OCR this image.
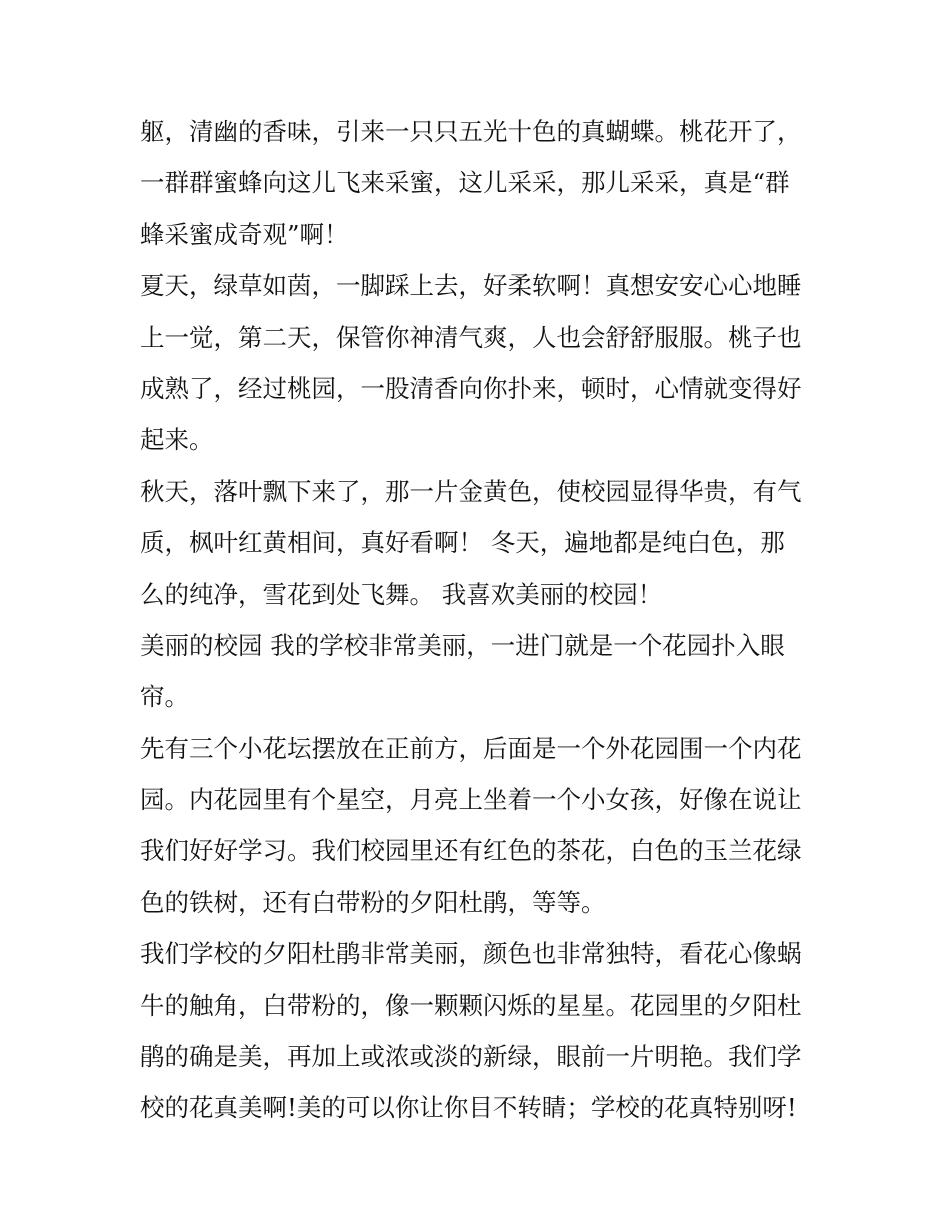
躯，清幽的香味，引来一只只五光十色的真蝴蝶。桃花开了，
一群群蜜蜂向这儿飞来采蜜，这儿采采，那儿采采，真是“群
蜂采蜜成奇观”啊！
夏天，绿草如茵，一脚踩上去，好柔软啊！真想安安心心地睡
上一觉，第二天，保管你神清气爽，人也会舒舒服服。桃子也
成熟了，经过桃园，一股清香向你扑来，顿时，心情就变得好
起来。
秋天，落叶飘下来了，那一片金黄色，使校园显得华贵，有气
质，枫叶红黄相间，真好看啊！ 冬天，遍地都是纯白色，那
么的纯净，雪花到处飞舞。 我喜欢美丽的校园！
美丽的校园 我的学校非常美丽，一进门就是一个花园扑入眼
帘。
先有三个小花坛摆放在正前方，后面是一个外花园围一个内花
园。内花园里有个星空，月亮上坐着一个小女孩，好像在说让
我们好好学习。我们校园里还有红色的茶花，白色的玉兰花绿
色的铁树，还有白带粉的夕阳杜鹃，等等。
我们学校的夕阳杜鹃非常美丽，颜色也非常独特，看花心像蜗
牛的触角，白带粉的，像一颗颗闪烁的星星。花园里的夕阳杜
鹃的确是美，再加上或浓或淡的新绿，眼前一片明艳。我们学
校的花真美啊!美的可以你让你目不转睛；学校的花真特别呀!
